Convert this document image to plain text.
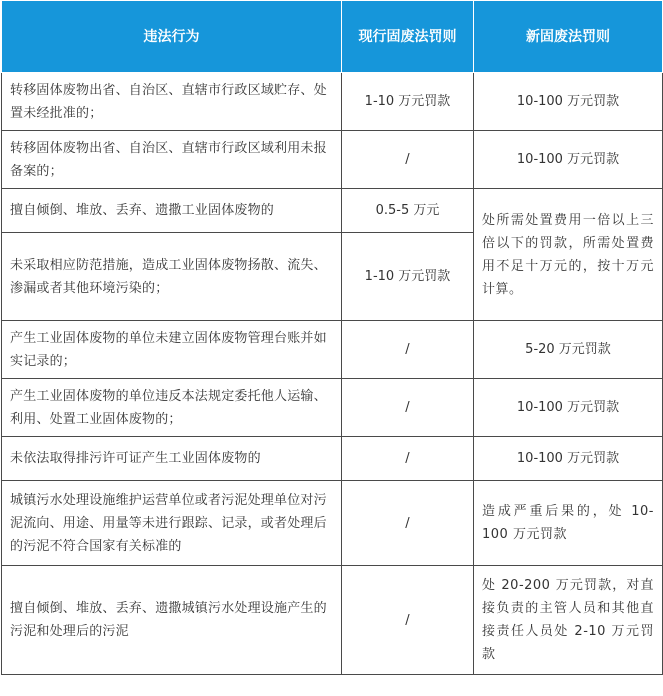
违法行为	现行固废法罚则	新固废法罚则
转移固体废物出省、自治区、直辖市行政区域贮存、处置未经批准的；	1-10 万元罚款	10-100 万元罚款
转移固体废物出省、自治区、直辖市行政区域利用未报备案的；	/	10-100 万元罚款
擅自倾倒、堆放、丢弃、遗撒工业固体废物的	0.5-5 万元	处所需处置费用一倍以上三倍以下的罚款，所需处置费用不足十万元的，按十万元计算。
未采取相应防范措施，造成工业固体废物扬散、流失、渗漏或者其他环境污染的；	1-10 万元罚款	
产生工业固体废物的单位未建立固体废物管理台账并如实记录的；	/	5-20 万元罚款
产生工业固体废物的单位违反本法规定委托他人运输、利用、处置工业固体废物的；	/	10-100 万元罚款
未依法取得排污许可证产生工业固体废物的	/	10-100 万元罚款
城镇污水处理设施维护运营单位或者污泥处理单位对污泥流向、用途、用量等未进行跟踪、记录，或者处理后的污泥不符合国家有关标准的	/	造成严重后果的，处 10-100 万元罚款
擅自倾倒、堆放、丢弃、遗撒城镇污水处理设施产生的污泥和处理后的污泥	/	处 20-200 万元罚款，对直接负责的主管人员和其他直接责任人员处 2-10 万元罚款
